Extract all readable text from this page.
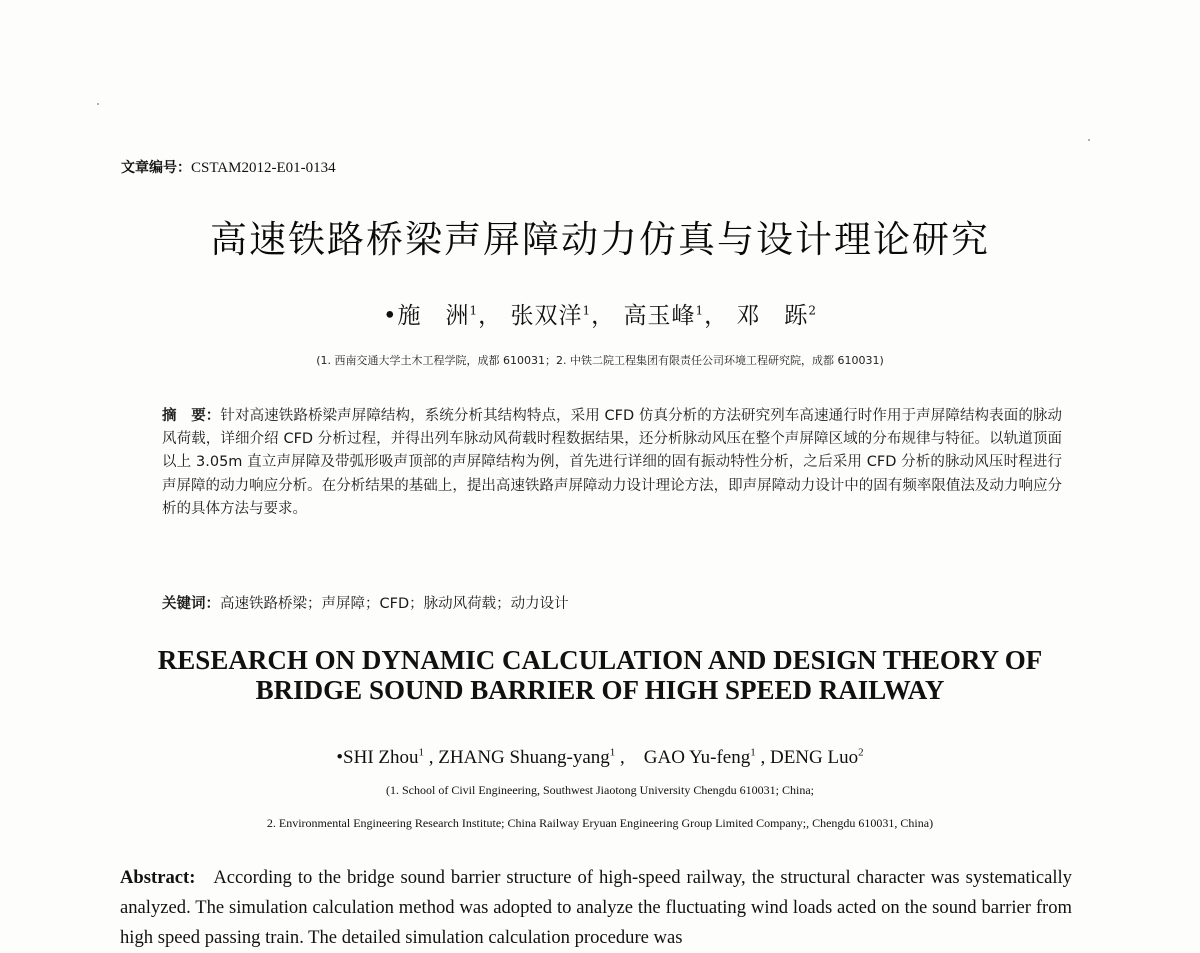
文章编号：CSTAM2012-E01-0134
高速铁路桥梁声屏障动力仿真与设计理论研究
•施　洲$^1$， 张双洋$^1$， 高玉峰$^1$， 邓　跞$^2$
(1. 西南交通大学土木工程学院，成都 610031；2. 中铁二院工程集团有限责任公司环境工程研究院，成都 610031)
摘　要：针对高速铁路桥梁声屏障结构，系统分析其结构特点，采用 CFD 仿真分析的方法研究列车高速通行时作用于声屏障结构表面的脉动风荷载，详细介绍 CFD 分析过程，并得出列车脉动风荷载时程数据结果，还分析脉动风压在整个声屏障区域的分布规律与特征。以轨道顶面以上 3.05m 直立声屏障及带弧形吸声顶部的声屏障结构为例，首先进行详细的固有振动特性分析，之后采用 CFD 分析的脉动风压时程进行声屏障的动力响应分析。在分析结果的基础上，提出高速铁路声屏障动力设计理论方法，即声屏障动力设计中的固有频率限值法及动力响应分析的具体方法与要求。
关键词：高速铁路桥梁；声屏障；CFD；脉动风荷载；动力设计
RESEARCH ON DYNAMIC CALCULATION AND DESIGN THEORY OF
BRIDGE SOUND BARRIER OF HIGH SPEED RAILWAY
•SHI Zhou$^1$ , ZHANG Shuang-yang$^1$ ,　GAO Yu-feng$^1$ , DENG Luo$^2$
(1. School of Civil Engineering, Southwest Jiaotong University Chengdu 610031; China;
2. Environmental Engineering Research Institute; China Railway Eryuan Engineering Group Limited Company;, Chengdu 610031, China)
Abstract: According to the bridge sound barrier structure of high-speed railway, the structural character was systematically analyzed. The simulation calculation method was adopted to analyze the fluctuating wind loads acted on the sound barrier from high speed passing train. The detailed simulation calculation procedure was
